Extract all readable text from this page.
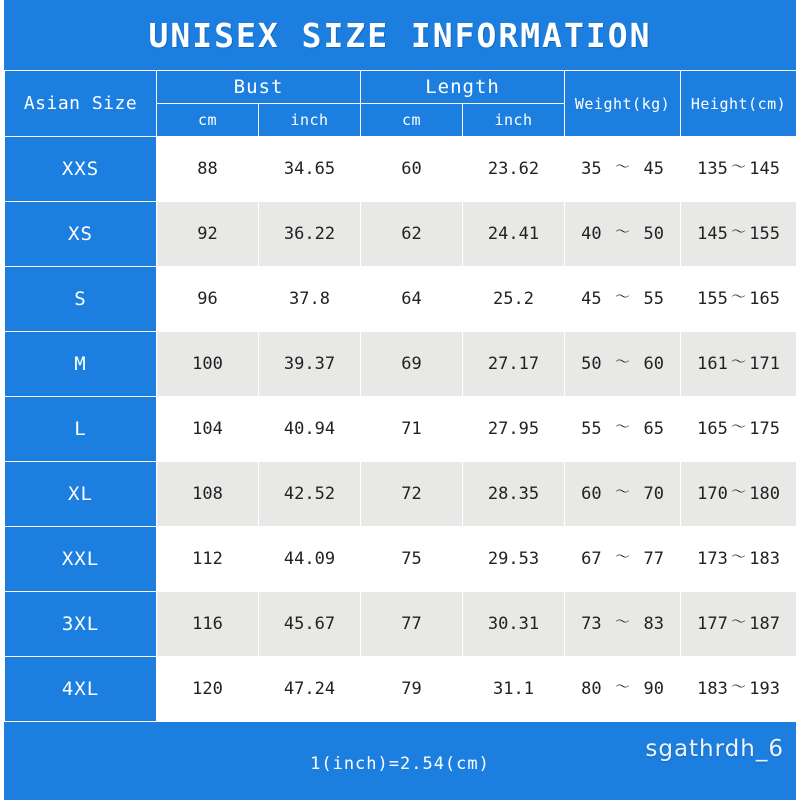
UNISEX SIZE INFORMATION
Asian Size	Bust		Length		Weight(kg)	Height(cm)
	cm	inch	cm	inch		
XXS	88	34.65	60	23.62	35 ～ 45	135 ～ 145

XS	92	36.22	62	24.41	40 ～ 50	145 ～ 155

S	96	37.8	64	25.2	45 ～ 55	155 ～ 165

M	100	39.37	69	27.17	50 ～ 60	161 ～ 171

L	104	40.94	71	27.95	55 ～ 65	165 ～ 175

XL	108	42.52	72	28.35	60 ～ 70	170 ～ 180

XXL	112	44.09	75	29.53	67 ～ 77	173 ～ 183

3XL	116	45.67	77	30.31	73 ～ 83	177 ～ 187

4XL	120	47.24	79	31.1	80 ～ 90	183 ～ 193
1(inch)=2.54(cm)
sgathrdh_6
